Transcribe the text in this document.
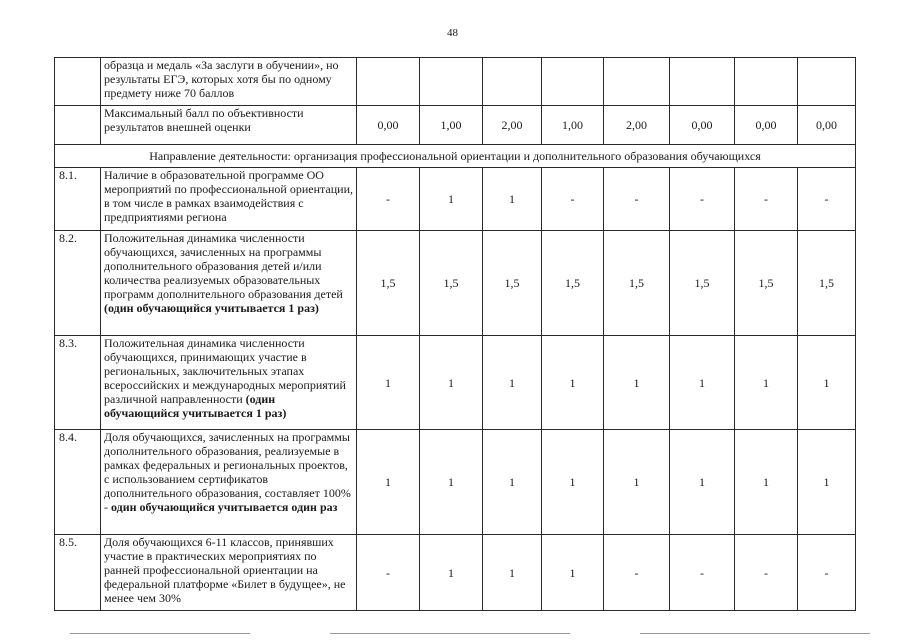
48
	образца и медаль «За заслуги в обучении», но результаты ЕГЭ, которых хотя бы по одному предмету ниже 70 баллов								
	Максимальный балл по объективности результатов внешней оценки	0,00	1,00	2,00	1,00	2,00	0,00	0,00	0,00
Направление деятельности: организация профессиональной ориентации и дополнительного образования обучающихся									
8.1.	Наличие в образовательной программе ОО мероприятий по профессиональной ориентации, в том числе в рамках взаимодействия с предприятиями региона	-	1	1	-	-	-	-	-
8.2.	Положительная динамика численности обучающихся, зачисленных на программы дополнительного образования детей и/или количества реализуемых образовательных программ дополнительного образования детей (один обучающийся учитывается 1 раз)	1,5	1,5	1,5	1,5	1,5	1,5	1,5	1,5
8.3.	Положительная динамика численности обучающихся, принимающих участие в региональных, заключительных этапах всероссийских и международных мероприятий различной направленности (один обучающийся учитывается 1 раз)	1	1	1	1	1	1	1	1
8.4.	Доля обучающихся, зачисленных на программы дополнительного образования, реализуемые в рамках федеральных и региональных проектов, с использованием сертификатов дополнительного образования, составляет 100% - один обучающийся учитывается один раз	1	1	1	1	1	1	1	1
8.5.	Доля обучающихся 6-11 классов, принявших участие в практических мероприятиях по ранней профессиональной ориентации на федеральной платформе «Билет в будущее», не менее чем 30%	-	1	1	1	-	-	-	-
